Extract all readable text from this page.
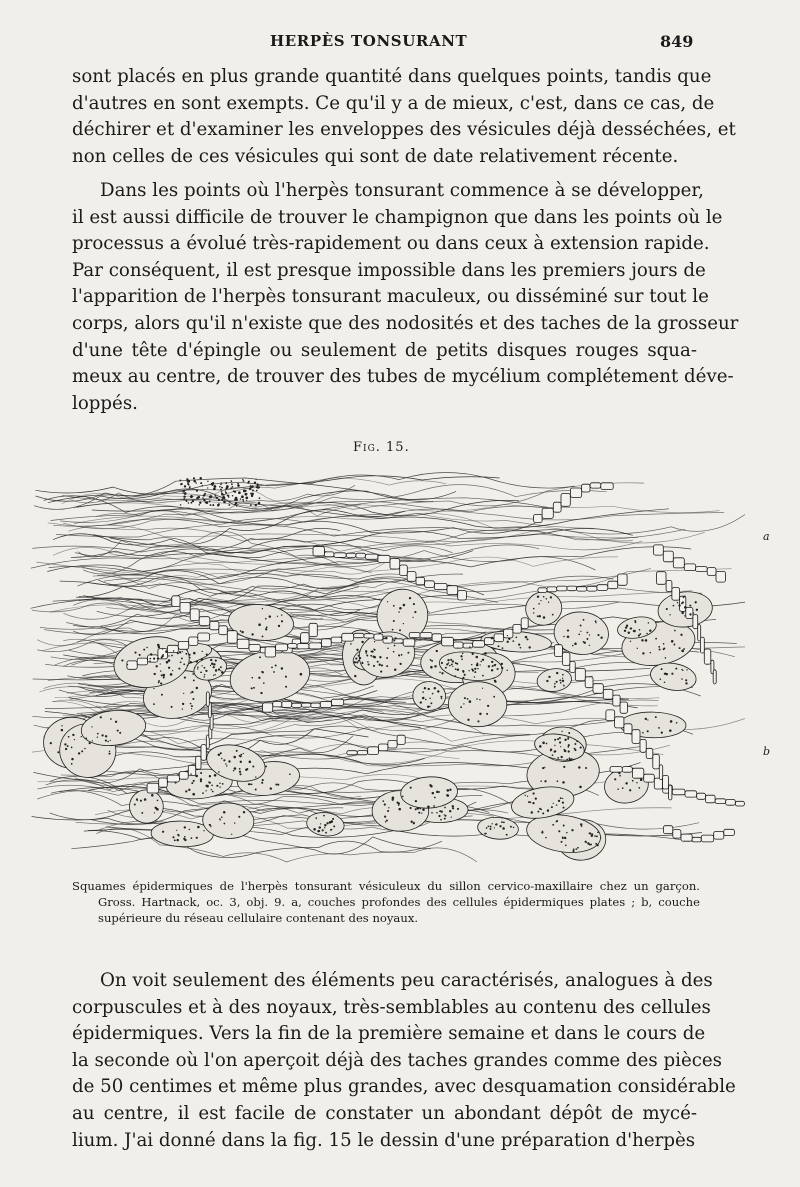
HERPÈS TONSURANT	849

sont placés en plus grande quantité dans quelques points, tandis que
d'autres en sont exempts. Ce qu'il y a de mieux, c'est, dans ce cas, de
déchirer et d'examiner les enveloppes des vésicules déjà desséchées, et
non celles de ces vésicules qui sont de date relativement récente.

Dans les points où l'herpès tonsurant commence à se développer,
il est aussi difficile de trouver le champignon que dans les points où le
processus a évolué très-rapidement ou dans ceux à extension rapide.
Par conséquent, il est presque impossible dans les premiers jours de
l'apparition de l'herpès tonsurant maculeux, ou disséminé sur tout le
corps, alors qu'il n'existe que des nodosités et des taches de la grosseur
d'une tête d'épingle ou seulement de petits disques rouges squa-
meux au centre, de trouver des tubes de mycélium complétement déve-
loppés.

Fig. 15.
a
b
Squames épidermiques de l'herpès tonsurant vésiculeux du sillon cervico-maxillaire chez un garçon.
Gross. Hartnack, oc. 3, obj. 9. a, couches profondes des cellules épidermiques plates ; b, couche
supérieure du réseau cellulaire contenant des noyaux.

On voit seulement des éléments peu caractérisés, analogues à des
corpuscules et à des noyaux, très-semblables au contenu des cellules
épidermiques. Vers la fin de la première semaine et dans le cours de
la seconde où l'on aperçoit déjà des taches grandes comme des pièces
de 50 centimes et même plus grandes, avec desquamation considérable
au centre, il est facile de constater un abondant dépôt de mycé-
lium. J'ai donné dans la fig. 15 le dessin d'une préparation d'herpès
